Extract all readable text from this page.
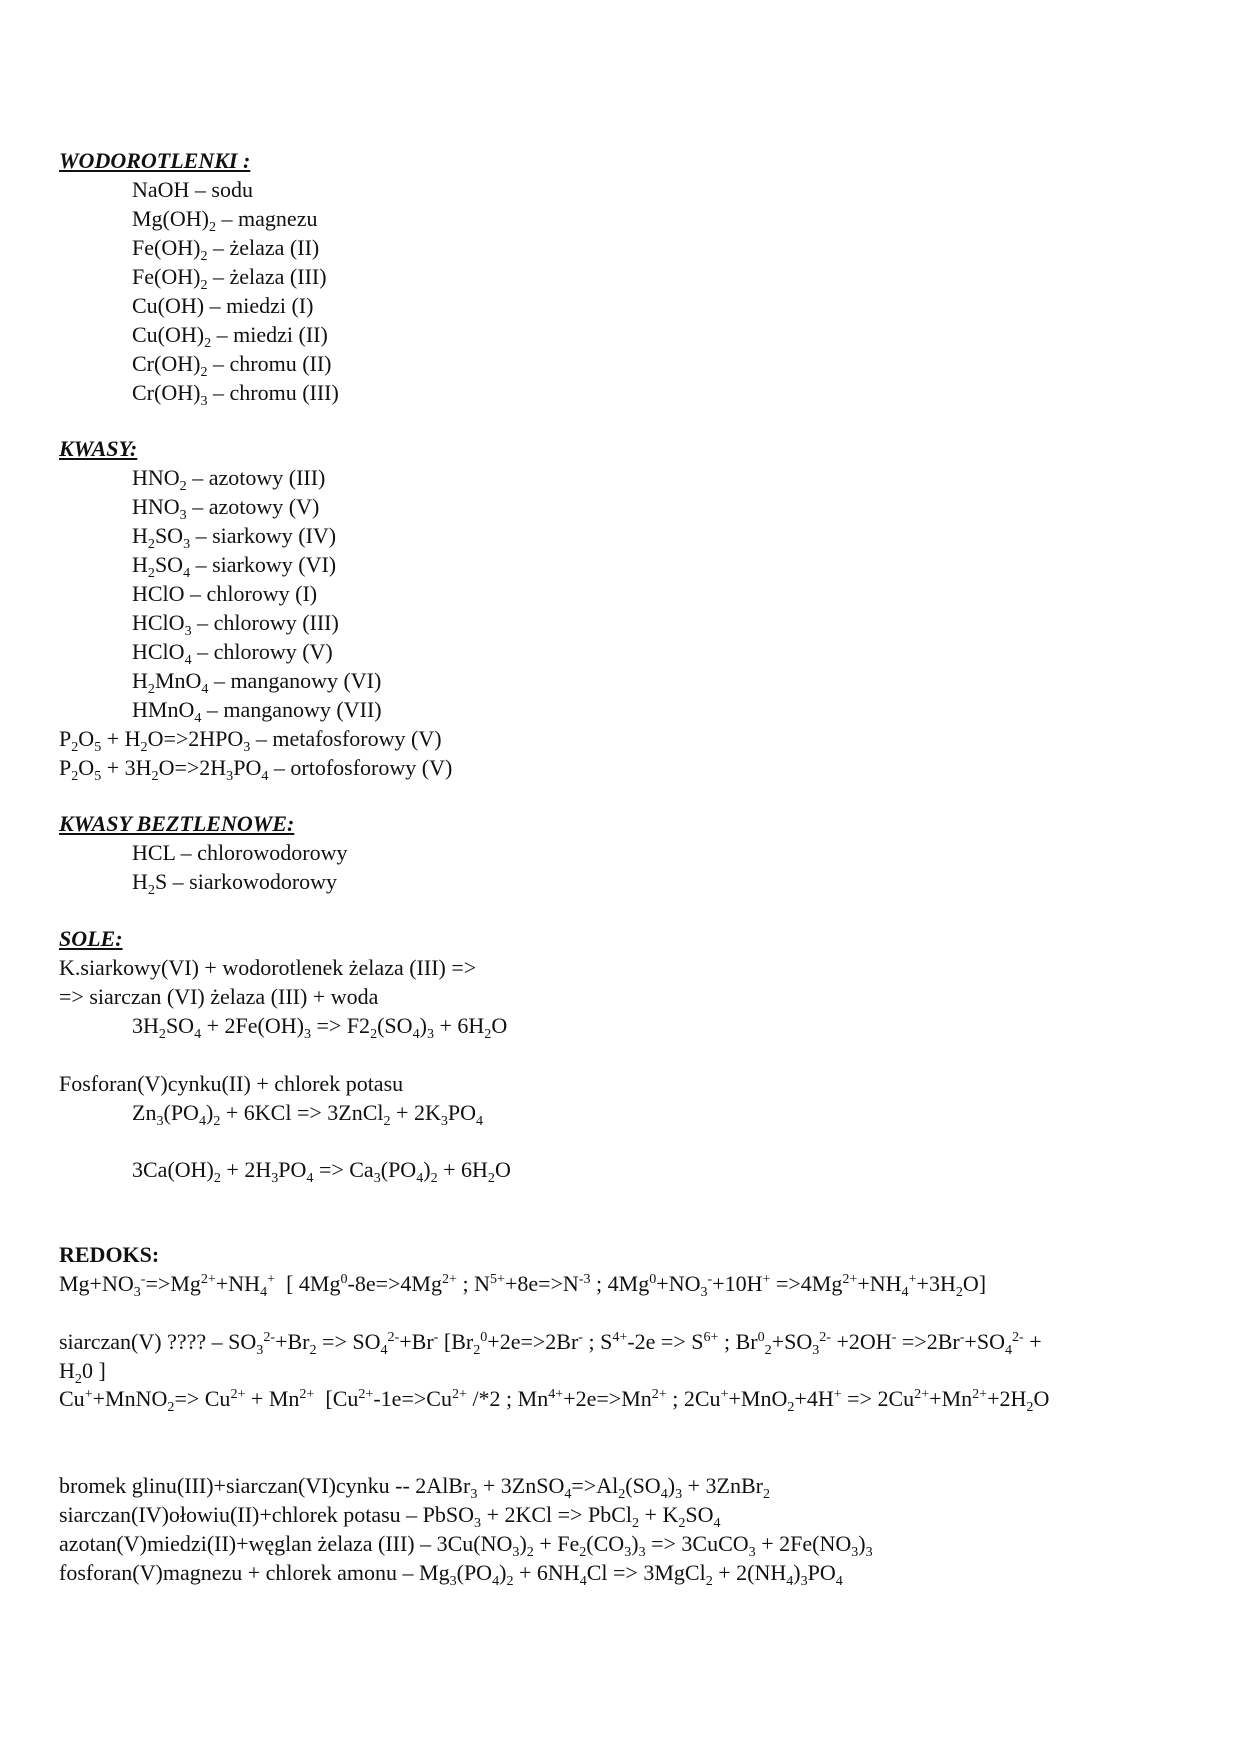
WODOROTLENKI :
NaOH – sodu
$Mg(OH)_2$ – magnezu
$Fe(OH)_2$ – żelaza (II)
$Fe(OH)_2$ – żelaza (III)
Cu(OH) – miedzi (I)
$Cu(OH)_2$ – miedzi (II)
$Cr(OH)_2$ – chromu (II)
$Cr(OH)_3$ – chromu (III)
KWASY:
$HNO_2$ – azotowy (III)
$HNO_3$ – azotowy (V)
$H_2SO_3$ – siarkowy (IV)
$H_2SO_4$ – siarkowy (VI)
HClO – chlorowy (I)
HClO$_3$ – chlorowy (III)
HClO$_4$ – chlorowy (V)
$H_2MnO_4$ – manganowy (VI)
HMnO$_4$ – manganowy (VII)
$P_2O_5 + H_2O=>2HPO_3$ – metafosforowy (V)
$P_2O_5 + 3H_2O=>2H_3PO_4$ – ortofosforowy (V)
KWASY BEZTLENOWE:
HCL – chlorowodorowy
$H_2S$ – siarkowodorowy
SOLE:
K.siarkowy(VI) + wodorotlenek żelaza (III) =>
=> siarczan (VI) żelaza (III) + woda
$3H_2SO_4 + 2Fe(OH)_3 => F2_2(SO_4)_3 + 6H_2O$
Fosforan(V)cynku(II) + chlorek potasu
$Zn_3(PO_4)_2 + 6KCl$ => 3ZnCl$_2$ + $2K_3PO_4$
$3Ca(OH)_2 + 2H_3PO_4 => Ca_3(PO_4)_2 + 6H_2O$
REDOKS:
$Mg+NO_3^-=>Mg^{2+}+NH_4^+$  [ $4Mg^0-8e=>4Mg^{2+}$ ; $N^{5+}+8e=>N^{-3}$ ; $4Mg^0+NO_3^-+10H^+ =>4Mg^{2+}+NH_4^++3H_2O$]
siarczan(V) ???? – $SO_3^{2-}+Br_2 => SO_4^{2-}+Br^-$ [$Br_2^0+2e=>2Br^-$ ; $S^{4+}-2e => S^{6+}$ ; $Br^0_2+SO_3^{2-} +2OH^- =>2Br^-+SO_4^{2-}$ +
$H_20$ ]
Cu++MnNO$_2$=> $Cu^{2+} + Mn^{2+}$  [$Cu^{2+}-1e=>Cu^{2+}$ /*2 ; $Mn^{4+}+2e=>Mn^{2+}$ ; $2Cu^++MnO_2+4H^+ => 2Cu^{2+}+Mn^{2+}+2H_2O$
bromek glinu(III)+siarczan(VI)cynku -- 2AlBr$_3$ + $3ZnSO_4=>Al_2(SO_4)_3$ + 3ZnBr$_2$
siarczan(IV)ołowiu(II)+chlorek potasu – PbSO$_3$ + 2KCl => PbCl$_2$ + $K_2SO_4$
azotan(V)miedzi(II)+węglan żelaza $(III) - 3Cu(NO_3)_2 + Fe_2(CO_3)_3$ => 3CuCO$_3$ + $2Fe(NO_3)_3$
fosforan(V)magnezu + chlorek amonu – $Mg_3(PO_4)_2 + 6NH_4Cl$ => 3MgCl$_2$ + $2(NH_4)_3PO_4$
